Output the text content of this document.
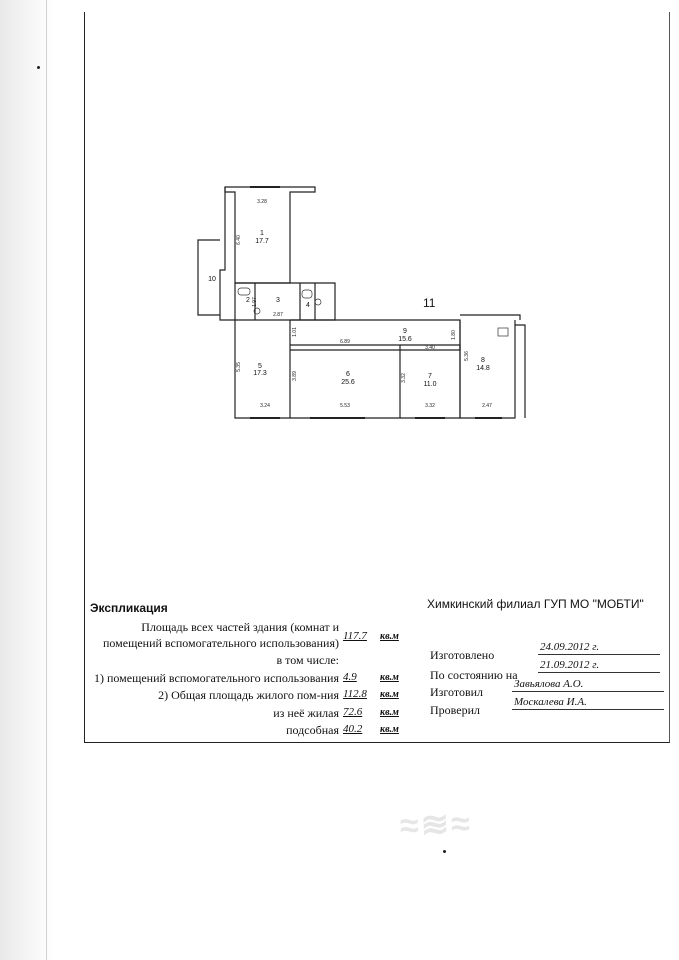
1
17.7
2	3
4
5
17.3	6
25.6
7
11.0
8
14.8
9
15.6
10
3.28
6.40
2.87
1.97
1.01
6.89
3.40
1.80
5.36
5.35
3.89	3.32
3.24	5.53	3.32	2.47
11
Экспликация	Химкинский филиал ГУП МО "МОБТИ"
Площадь всех частей здания (комнат и
помещений вспомогательного использования) 117.7	кв.м
в том числе:
1) помещений вспомогательного использования 4.9	кв.м
2) Общая площадь жилого пом-ния 112.8	кв.м
из неё жилая 72.6	кв.м
подсобная 40.2	кв.м
Изготовлено
24.09.2012 г.
По состоянию на
21.09.2012 г.
Изготовил
Завьялова А.О.
Проверил
Москалева И.А.
≈≋≈
